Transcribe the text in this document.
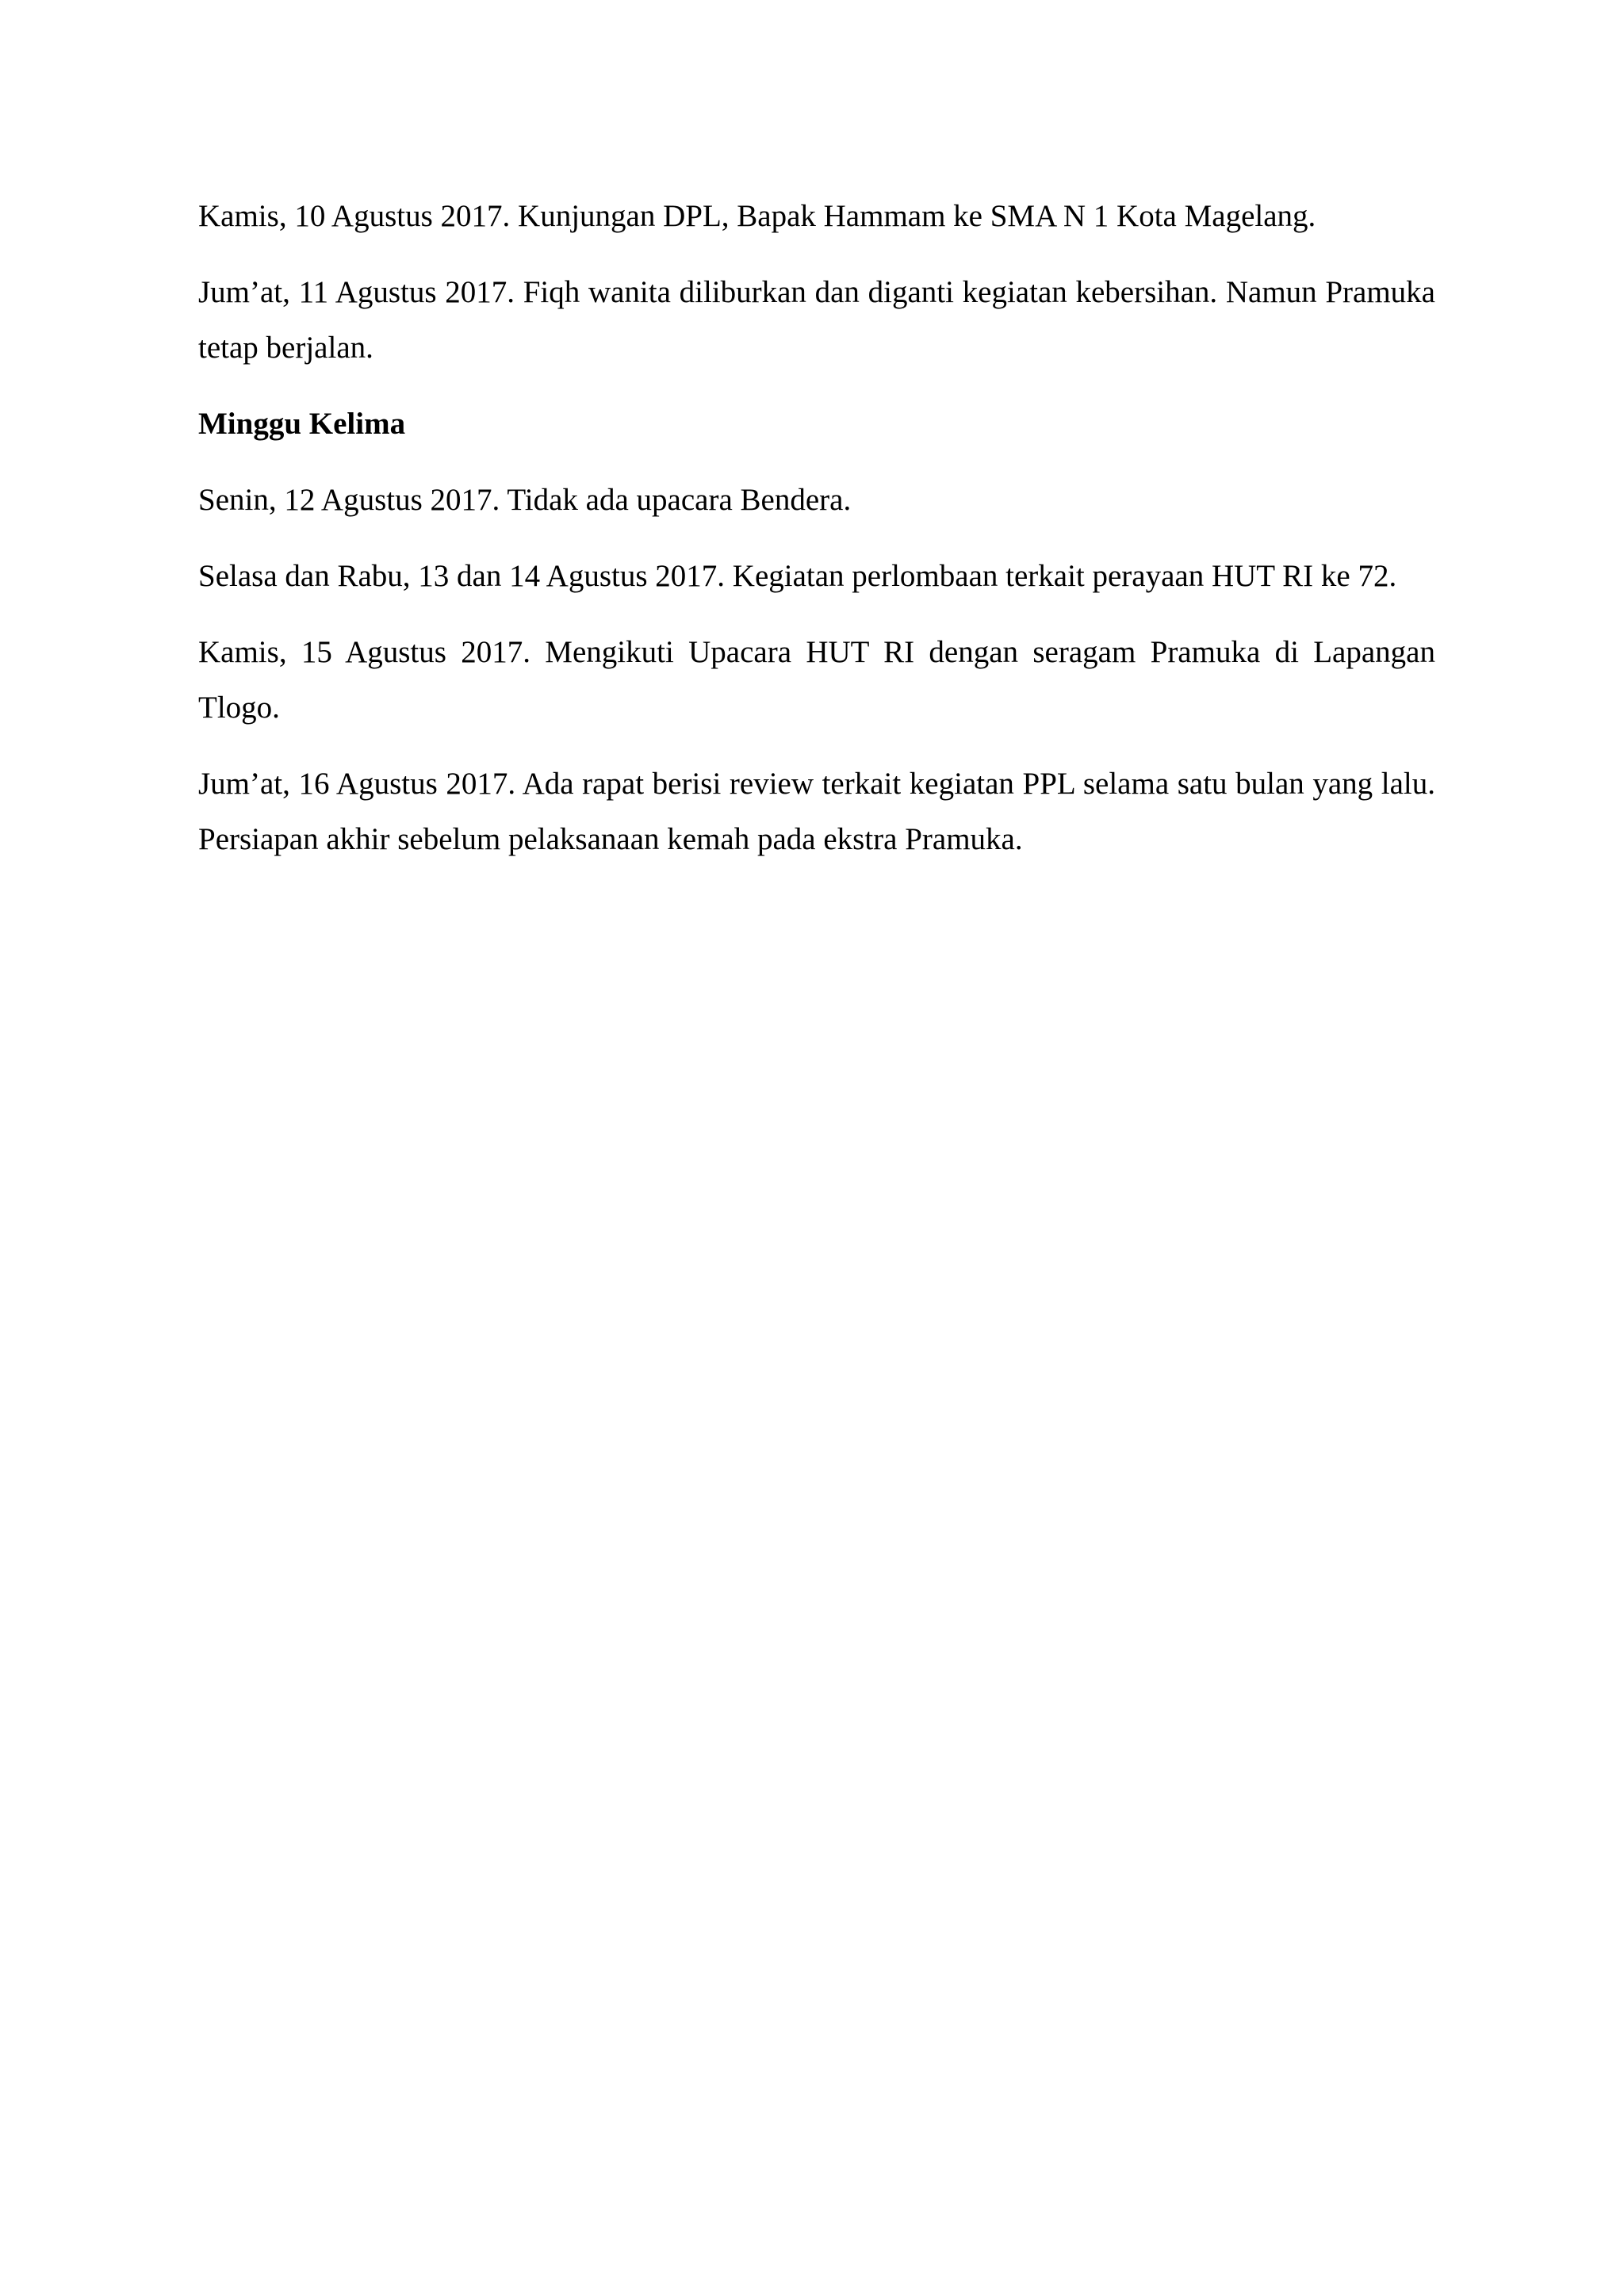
Kamis, 10 Agustus 2017. Kunjungan DPL, Bapak Hammam ke SMA N 1 Kota Magelang.

Jum’at, 11 Agustus 2017. Fiqh wanita diliburkan dan diganti kegiatan kebersihan. Namun Pramuka tetap berjalan.

Minggu Kelima

Senin, 12 Agustus 2017. Tidak ada upacara Bendera.

Selasa dan Rabu, 13 dan 14 Agustus 2017. Kegiatan perlombaan terkait perayaan HUT RI ke 72.

Kamis, 15 Agustus 2017. Mengikuti Upacara HUT RI dengan seragam Pramuka di Lapangan Tlogo.

Jum’at, 16 Agustus 2017. Ada rapat berisi review terkait kegiatan PPL selama satu bulan yang lalu. Persiapan akhir sebelum pelaksanaan kemah pada ekstra Pramuka.
